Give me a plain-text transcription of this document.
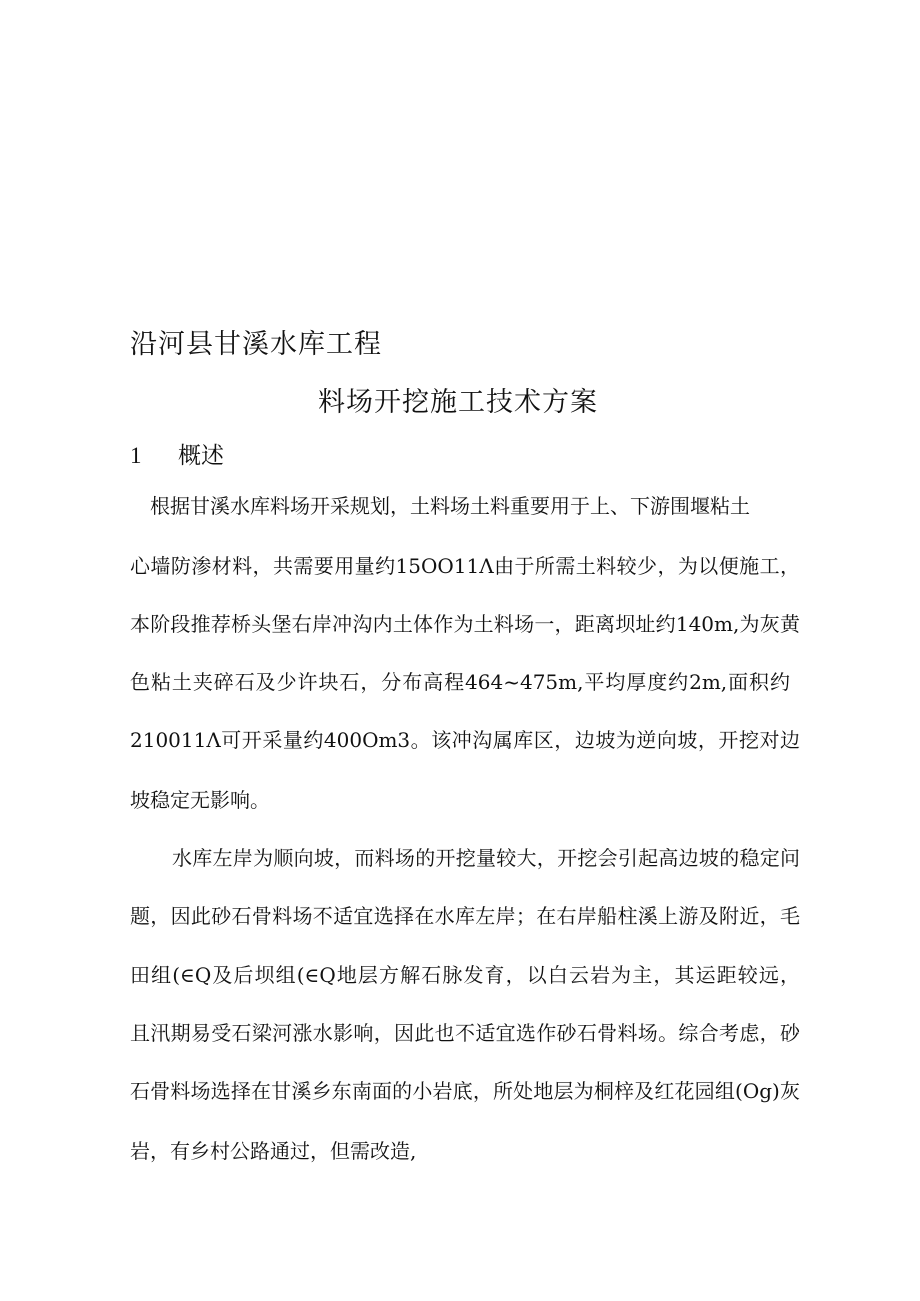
沿河县甘溪水库工程
料场开挖施工技术方案
1 概述
根据甘溪水库料场开采规划，土料场土料重要用于上、下游围堰粘土
心墙防渗材料，共需要用量约15OO11Λ由于所需土料较少，为以便施工，
本阶段推荐桥头堡右岸冲沟内土体作为土料场一，距离坝址约140m,为灰黄
色粘土夹碎石及少许块石，分布高程464~475m,平均厚度约2m,面积约
210011Λ可开采量约400Om3。该冲沟属库区，边坡为逆向坡，开挖对边
坡稳定无影响。
水库左岸为顺向坡，而料场的开挖量较大，开挖会引起高边坡的稳定问
题，因此砂石骨料场不适宜选择在水库左岸；在右岸船柱溪上游及附近，毛
田组(∈Q及后坝组(∈Q地层方解石脉发育，以白云岩为主，其运距较远，
且汛期易受石梁河涨水影响，因此也不适宜选作砂石骨料场。综合考虑，砂
石骨料场选择在甘溪乡东南面的小岩底，所处地层为桐梓及红花园组(Og)灰
岩，有乡村公路通过，但需改造,
